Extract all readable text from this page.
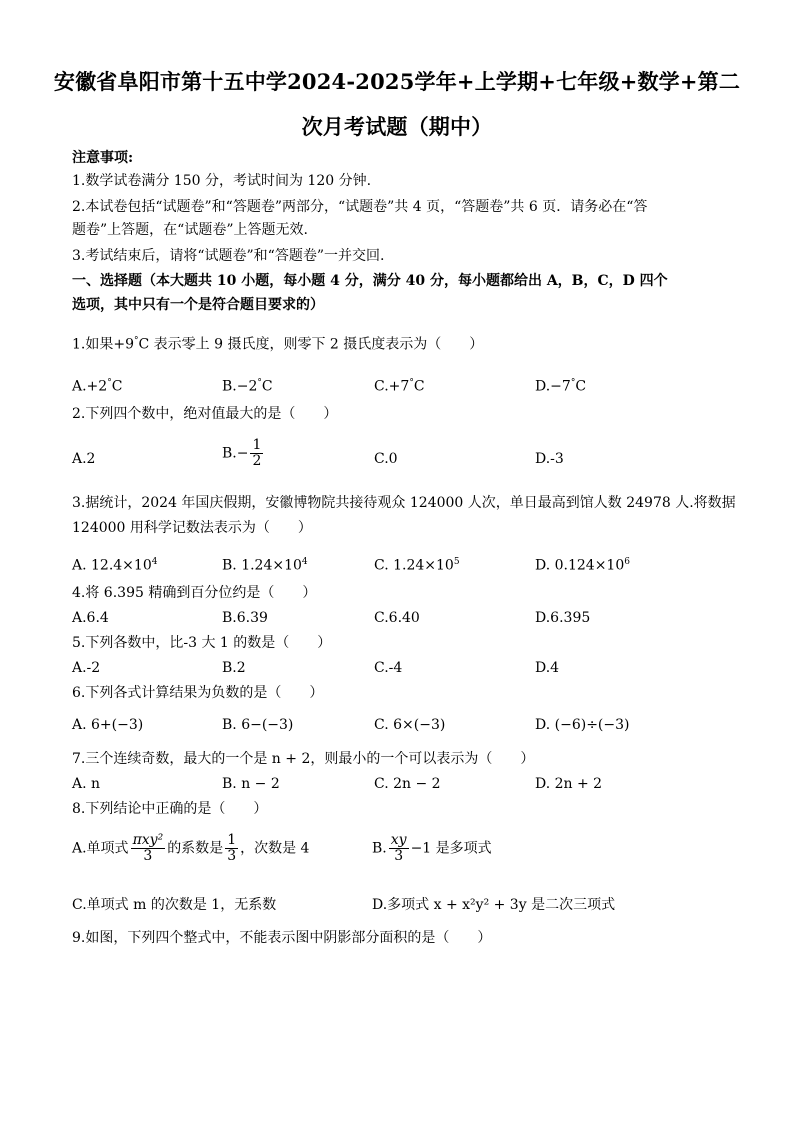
安徽省阜阳市第十五中学2024-2025学年+上学期+七年级+数学+第二
次月考试题（期中）
注意事项:
1.数学试卷满分 150 分，考试时间为 120 分钟.
2.本试卷包括“试题卷”和“答题卷”两部分，“试题卷”共 4 页，“答题卷”共 6 页．请务必在“答
题卷”上答题，在“试题卷”上答题无效.
3.考试结束后，请将“试题卷”和“答题卷”一并交回.
一、选择题（本大题共 10 小题，每小题 4 分，满分 40 分，每小题都给出 A，B，C，D 四个
选项，其中只有一个是符合题目要求的）
1.如果+9°C 表示零上 9 摄氏度，则零下 2 摄氏度表示为（　　）
A.+2°C	B.−2°C	C.+7°C	D.−7°C
2.下列四个数中，绝对值最大的是（　　）
A.2	$B.- \frac{1}{2}$	C.0	D.-3
3.据统计，2024 年国庆假期，安徽博物院共接待观众 124000 人次，单日最高到馆人数 24978 人.将数据
124000 用科学记数法表示为（　　）
A. $12.4\times 10^4$	B. $1.24\times 10^4$	C. $1.24\times 10^5$	D. $0.124\times 10^6$
4.将 6.395 精确到百分位约是（　　）
A.6.4	B.6.39	C.6.40	D.6.395
5.下列各数中，比-3 大 1 的数是（　　）
A.-2	B.2	C.-4	D.4
6.下列各式计算结果为负数的是（　　）
A. 6+(−3)	B. 6−(−3)	C. 6×(−3)	D. (−6)÷(−3)
7.三个连续奇数，最大的一个是 n + 2，则最小的一个可以表示为（　　）
A. n	B. n − 2	C. 2n − 2	D. 2n + 2
8.下列结论中正确的是（　　）
A.单项式 $\frac{\text{πxy²}}{3}$ 的系数是 $\frac{1}{3}$ ，次数是 4	B. $\frac{xy}{3} -1$ 是多项式
C.单项式 m 的次数是 1，无系数	D.多项式 x + x²y² + 3y 是二次三项式
9.如图，下列四个整式中，不能表示图中阴影部分面积的是（　　）
